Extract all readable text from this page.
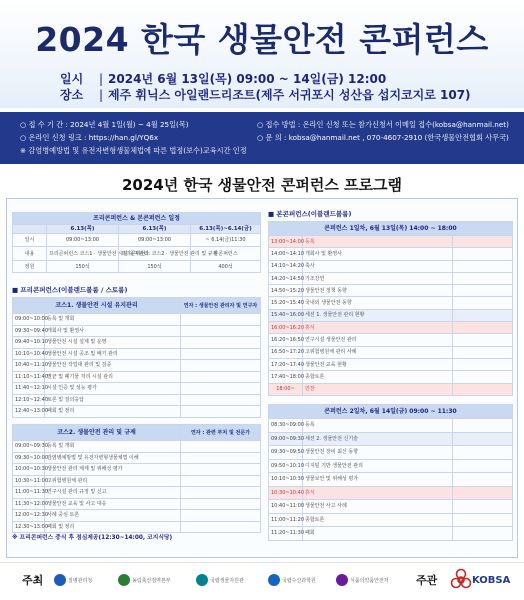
2024 한국 생물안전 콘퍼런스
일시 | 2024년 6월 13일(목) 09:00 ~ 14일(금) 12:00
장소 | 제주 휘닉스 아일랜드리조트(제주 서귀포시 성산읍 섭지코지로 107)
○ 접 수 기 간 : 2024년 4월 1일(월) ~ 4월 25일(목)	○ 접수 방법 : 온라인 신청 또는 참가신청서 이메일 접수(kobsa@hanmail.net)
○ 온라인 신청 링크 : https://han.gl/YQ6x	○ 문 의 : kobsa@hanmail.net , 070-4607-2910 (한국생물안전협회 사무국)
※ 감염병예방법 및 유전자변형생물체법에 따른 법정(보수)교육시간 인정
2024년 한국 생물안전 콘퍼런스 프로그램
프리콘퍼런스 & 본콘퍼런스 일정			
	6.13(목)	6.13(목)	6.13(목)~6.14(금)
일시	09:00~13:00	09:00~13:00	~ 6.14(금)11:30
내용	프리콘퍼런스 코스1 · 생물안전 시설 유지관리	프리콘퍼런스 코스2 · 생물안전 관리 및 규제	본콘퍼런스
정원	150석	150석	400석
■ 프리콘퍼런스(이블랜드볼룸 / 스토룸)
코스1. 생물안전 시설 유지관리		연자 : 생물안전 관리자 및 연구자
09:00~10:00	등록 및 개회	
09:30~09:40	개회사 및 환영사	
09:40~10:10	생물안전 시설 설계 및 운영	
10:10~10:40	생물안전 시설 공조 및 배기 관리	
10:40~11:10	생물안전 작업대 관리 및 검증	
11:10~11:40	멸균 및 폐기물 처리 시설 관리	
11:40~12:10	시설 인증 및 성능 평가	
12:10~12:40	토론 및 질의응답	
12:40~13:00	폐회 및 정리	
코스2. 생물안전 관리 및 규제		연자 : 관련 부처 및 전문가
09:00~09:30	등록 및 개회	
09:30~10:00	감염병예방법 및 유전자변형생물체법 이해	
10:00~10:30	생물안전 관리 체계 및 위해성 평가	
10:30~11:00	고위험병원체 관리	
11:00~11:30	연구시설 관리 규정 및 신고	
11:30~12:00	생물안전 교육 및 사고 대응	
12:00~12:30	사례 중심 토론	
12:30~13:00	폐회 및 정리	
※ 프리콘퍼런스 중식 후 점심제공(12:30~14:00, 코지식당)
■ 본콘퍼런스(이블랜드볼룸)
콘퍼런스 1일차, 6월 13일(목) 14:00 ~ 18:00		
13:00~14:00	등록	
14:00~14:10	개회사 및 환영사	
14:10~14:20	축사	
14:20~14:50	기조강연	
14:50~15:20	생물안전 정책 동향	
15:20~15:40	국내외 생물안전 동향	
15:40~16:00	세션 1. 생물안전 관리 현황	
16:00~16:20	휴식	
16:20~16:50	연구시설 생물안전 관리	
16:50~17:20	고위험병원체 관리 사례	
17:20~17:40	생물안전 교육 현황	
17:40~18:00	종합토론	
18:00~	만찬	
콘퍼런스 2일차, 6월 14일(금) 09:00 ~ 11:30		
08:30~09:00	등록	
09:00~09:30	세션 2. 생물안전 신기술	
09:30~09:50	생물안전 장비 최신 동향	
09:50~10:10	디지털 기반 생물안전 관리	
10:10~10:30	생물보안 및 위해성 평가	
10:30~10:40	휴식	
10:40~11:00	생물안전 사고 사례	
11:00~11:20	종합토론	
11:20~11:30	폐회	
주최	질병관리청	농림축산검역본부	국립생물자원관	국립수산과학원	식품의약품안전처 주관	KOBSA
